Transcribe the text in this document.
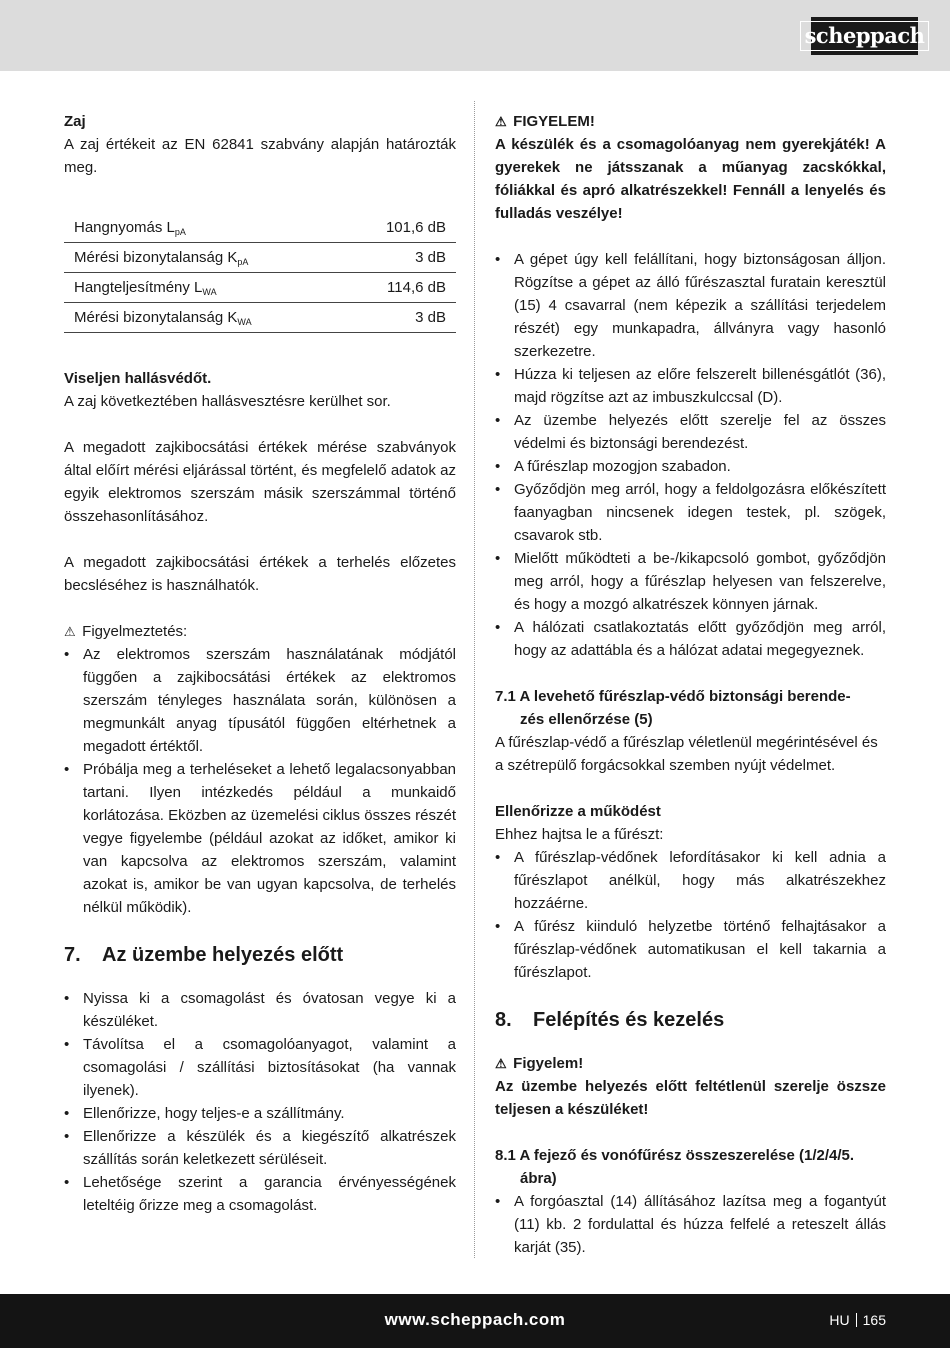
scheppach

Zaj

A zaj értékeit az EN 62841 szabvány alapján határozták meg.

Hangnyomás $L_{pA}$	101,6 dB
Mérési bizonytalanság $K_{pA}$	3 dB
Hangteljesítmény $L_{WA}$	114,6 dB
Mérési bizonytalanság $K_{WA}$	3 dB

Viseljen hallásvédőt.

A zaj következtében hallásvesztésre kerülhet sor.

A megadott zajkibocsátási értékek mérése szabványok által előírt mérési eljárással történt, és megfelelő adatok az egyik elektromos szerszám másik szerszámmal történő összehasonlításához.

A megadott zajkibocsátási értékek a terhelés előzetes becsléséhez is használhatók.

⚠ Figyelmeztetés:

• Az elektromos szerszám használatának módjától függően a zajkibocsátási értékek az elektromos szerszám tényleges használata során, különösen a megmunkált anyag típusától függően eltérhetnek a megadott értéktől.
• Próbálja meg a terheléseket a lehető legalacsonyabban tartani. Ilyen intézkedés például a munkaidő korlátozása. Eközben az üzemelési ciklus összes részét vegye figyelembe (például azokat az időket, amikor ki van kapcsolva az elektromos szerszám, valamint azokat is, amikor be van ugyan kapcsolva, de terhelés nélkül működik).
7. Az üzembe helyezés előtt
• Nyissa ki a csomagolást és óvatosan vegye ki a készüléket.
• Távolítsa el a csomagolóanyagot, valamint a csomagolási / szállítási biztosításokat (ha vannak ilyenek).
• Ellenőrizze, hogy teljes-e a szállítmány.
• Ellenőrizze a készülék és a kiegészítő alkatrészek szállítás során keletkezett sérüléseit.
• Lehetősége szerint a garancia érvényességének leteltéig őrizze meg a csomagolást.

⚠ FIGYELEM!

A készülék és a csomagolóanyag nem gyerekjáték! A gyerekek ne játsszanak a műanyag zacskókkal, fóliákkal és apró alkatrészekkel! Fennáll a lenyelés és fulladás veszélye!

• A gépet úgy kell felállítani, hogy biztonságosan álljon. Rögzítse a gépet az álló fűrészasztal furatain keresztül (15) 4 csavarral (nem képezik a szállítási terjedelem részét) egy munkapadra, állványra vagy hasonló szerkezetre.
• Húzza ki teljesen az előre felszerelt billenésgátlót (36), majd rögzítse azt az imbuszkulccsal (D).
• Az üzembe helyezés előtt szerelje fel az összes védelmi és biztonsági berendezést.
• A fűrészlap mozogjon szabadon.
• Győződjön meg arról, hogy a feldolgozásra előkészített faanyagban nincsenek idegen testek, pl. szögek, csavarok stb.
• Mielőtt működteti a be-/kikapcsoló gombot, győződjön meg arról, hogy a fűrészlap helyesen van felszerelve, és hogy a mozgó alkatrészek könnyen járnak.
• A hálózati csatlakoztatás előtt győződjön meg arról, hogy az adattábla és a hálózat adatai megegyeznek.

7.1 A levehető fűrészlap-védő biztonsági berende-
zés ellenőrzése (5)

A fűrészlap-védő a fűrészlap véletlenül megérintésével és a szétrepülő forgácsokkal szemben nyújt védelmet.

Ellenőrizze a működést

Ehhez hajtsa le a fűrészt:

• A fűrészlap-védőnek lefordításakor ki kell adnia a fűrészlapot anélkül, hogy más alkatrészekhez hozzáérne.
• A fűrész kiinduló helyzetbe történő felhajtásakor a fűrészlap-védőnek automatikusan el kell takarnia a fűrészlapot.
8. Felépítés és kezelés

⚠ Figyelem!

Az üzembe helyezés előtt feltétlenül szerelje öszsze teljesen a készüléket!

8.1 A fejező és vonófűrész összeszerelése (1/2/4/5.
ábra)

• A forgóasztal (14) állításához lazítsa meg a fogantyút (11) kb. 2 fordulattal és húzza felfelé a reteszelt állás karját (35).
www.scheppach.com	HU 165
